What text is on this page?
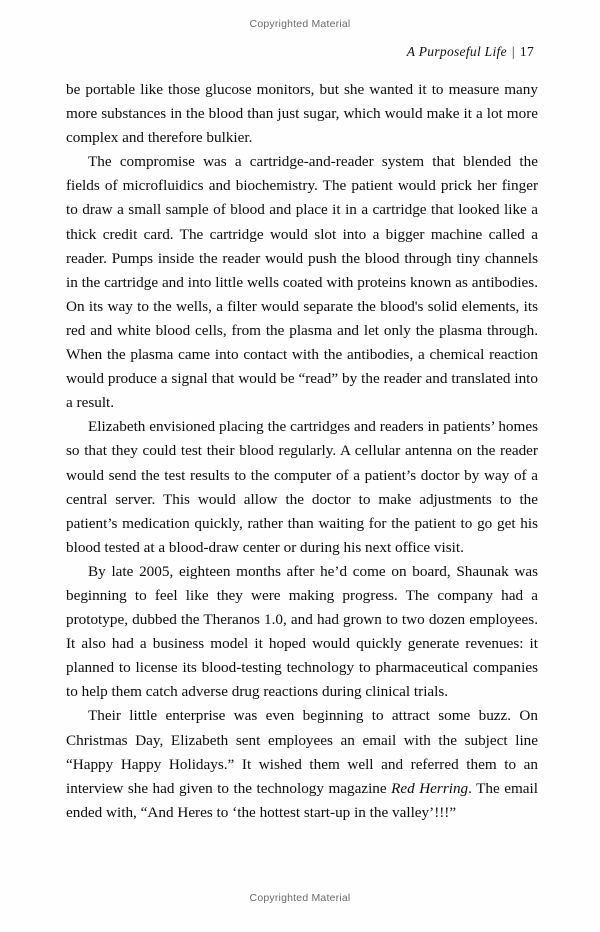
Copyrighted Material
A Purposeful Life | 17

be portable like those glucose monitors, but she wanted it to measure many more substances in the blood than just sugar, which would make it a lot more complex and therefore bulkier.

The compromise was a cartridge-and-reader system that blended the fields of microfluidics and biochemistry. The patient would prick her finger to draw a small sample of blood and place it in a cartridge that looked like a thick credit card. The cartridge would slot into a bigger machine called a reader. Pumps inside the reader would push the blood through tiny channels in the cartridge and into little wells coated with proteins known as antibodies. On its way to the wells, a filter would separate the blood's solid elements, its red and white blood cells, from the plasma and let only the plasma through. When the plasma came into contact with the antibodies, a chemical reaction would produce a signal that would be “read” by the reader and translated into a result.

Elizabeth envisioned placing the cartridges and readers in patients’ homes so that they could test their blood regularly. A cellular antenna on the reader would send the test results to the computer of a patient’s doctor by way of a central server. This would allow the doctor to make adjustments to the patient’s medication quickly, rather than waiting for the patient to go get his blood tested at a blood-draw center or during his next office visit.

By late 2005, eighteen months after he’d come on board, Shaunak was beginning to feel like they were making progress. The company had a prototype, dubbed the Theranos 1.0, and had grown to two dozen employees. It also had a business model it hoped would quickly generate revenues: it planned to license its blood-testing technology to pharmaceutical companies to help them catch adverse drug reactions during clinical trials.

Their little enterprise was even beginning to attract some buzz. On Christmas Day, Elizabeth sent employees an email with the subject line “Happy Happy Holidays.” It wished them well and referred them to an interview she had given to the technology magazine Red Herring. The email ended with, “And Heres to ‘the hottest start-up in the valley’!!!”

Copyrighted Material
